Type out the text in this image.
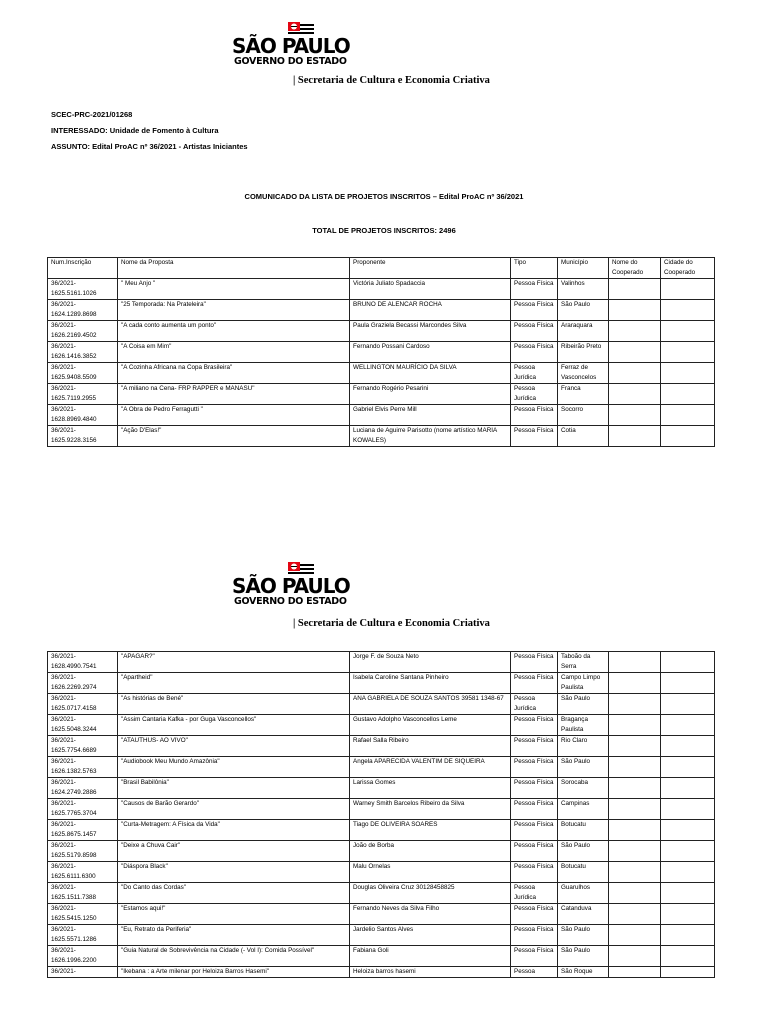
SÃO PAULO
GOVERNO DO ESTADO
| Secretaria de Cultura e Economia Criativa
SCEC-PRC-2021/01268
INTERESSADO: Unidade de Fomento à Cultura
ASSUNTO: Edital ProAC nº 36/2021 - Artistas Iniciantes
COMUNICADO DA LISTA DE PROJETOS INSCRITOS – Edital ProAC nº 36/2021
TOTAL DE PROJETOS INSCRITOS: 2496
Num.Inscrição	Nome da Proposta	Proponente	Tipo	Município	Nome do Cooperado	Cidade do Cooperado
36/2021-1625.5161.1026	" Meu Anjo "	Victória Juliato Spadaccia	Pessoa Física	Valinhos		
36/2021-1624.1289.8698	"25 Temporada: Na Prateleira"	BRUNO DE ALENCAR ROCHA	Pessoa Física	São Paulo		
36/2021-1626.2169.4502	"A cada conto aumenta um ponto"	Paula Graziela Becassi Marcondes Silva	Pessoa Física	Araraquara		
36/2021-1626.1416.3852	"A Coisa em Mim"	Fernando Possani Cardoso	Pessoa Física	Ribeirão Preto		
36/2021-1625.9408.5509	"A Cozinha Africana na Copa Brasileira"	WELLINGTON MAURÍCIO DA SILVA	Pessoa Jurídica	Ferraz de Vasconcelos		
36/2021-1625.7119.2955	"A miliano na Cena- FRP RAPPER e MANASU"	Fernando Rogério Pesarini	Pessoa Jurídica	Franca		
36/2021-1628.8969.4840	"A Obra de Pedro Ferragutti "	Gabriel Elvis Perre Mill	Pessoa Física	Socorro		
36/2021-1625.9228.3156	"Ação D'Elas!"	Luciana de Aguirre Parisotto (nome artístico MARIA KOWALES)	Pessoa Física	Cotia		
SÃO PAULO
GOVERNO DO ESTADO
| Secretaria de Cultura e Economia Criativa
36/2021-1628.4990.7541	"APAGAR?"	Jorge F. de Souza Neto	Pessoa Física	Taboão da Serra		
36/2021-1626.2269.2974	"Apartheid"	Isabela Caroline Santana Pinheiro	Pessoa Física	Campo Limpo Paulista		
36/2021-1625.0717.4158	"As histórias de Bené"	ANA GABRIELA DE SOUZA SANTOS 39581 1348-67	Pessoa Jurídica	São Paulo		
36/2021-1625.5048.3244	"Assim Cantaria Kafka - por Guga Vasconcellos"	Gustavo Adolpho Vasconcellos Leme	Pessoa Física	Bragança Paulista		
36/2021-1625.7754.6689	"ATAUTHUS- AO VIVO"	Rafael Salla Ribeiro	Pessoa Física	Rio Claro		
36/2021-1626.1382.5763	"Audiobook Meu Mundo Amazônia"	Angela APARECIDA VALENTIM DE SIQUEIRA	Pessoa Física	São Paulo		
36/2021-1624.2749.2886	"Brasil Babilônia"	Larissa Gomes	Pessoa Física	Sorocaba		
36/2021-1625.7765.3704	"Causos de Barão Gerardo"	Warney Smith Barcelos Ribeiro da Silva	Pessoa Física	Campinas		
36/2021-1625.8675.1457	"Curta-Metragem: A Física da Vida"	Tiago DE OLIVEIRA SOARES	Pessoa Física	Botucatu		
36/2021-1625.5179.8598	"Deixe a Chuva Cair"	João de Borba	Pessoa Física	São Paulo		
36/2021-1625.6111.6300	"Diáspora Black"	Malu Ornelas	Pessoa Física	Botucatu		
36/2021-1625.1511.7388	"Do Canto das Cordas"	Douglas Oliveira Cruz 30128458825	Pessoa Jurídica	Guarulhos		
36/2021-1625.5415.1250	"Estamos aqui!"	Fernando Neves da Silva Filho	Pessoa Física	Catanduva		
36/2021-1625.5571.1286	"Eu, Retrato da Periferia"	Jardelio Santos Alves	Pessoa Física	São Paulo		
36/2021-1626.1996.2200	"Guia Natural de Sobrevivência na Cidade (- Vol I): Comida Possível"	Fabiana Goli	Pessoa Física	São Paulo		
36/2021-	"Ikebana : a Arte milenar por Heloiza Barros Hasemi"	Heloiza barros hasemi	Pessoa	São Roque		
